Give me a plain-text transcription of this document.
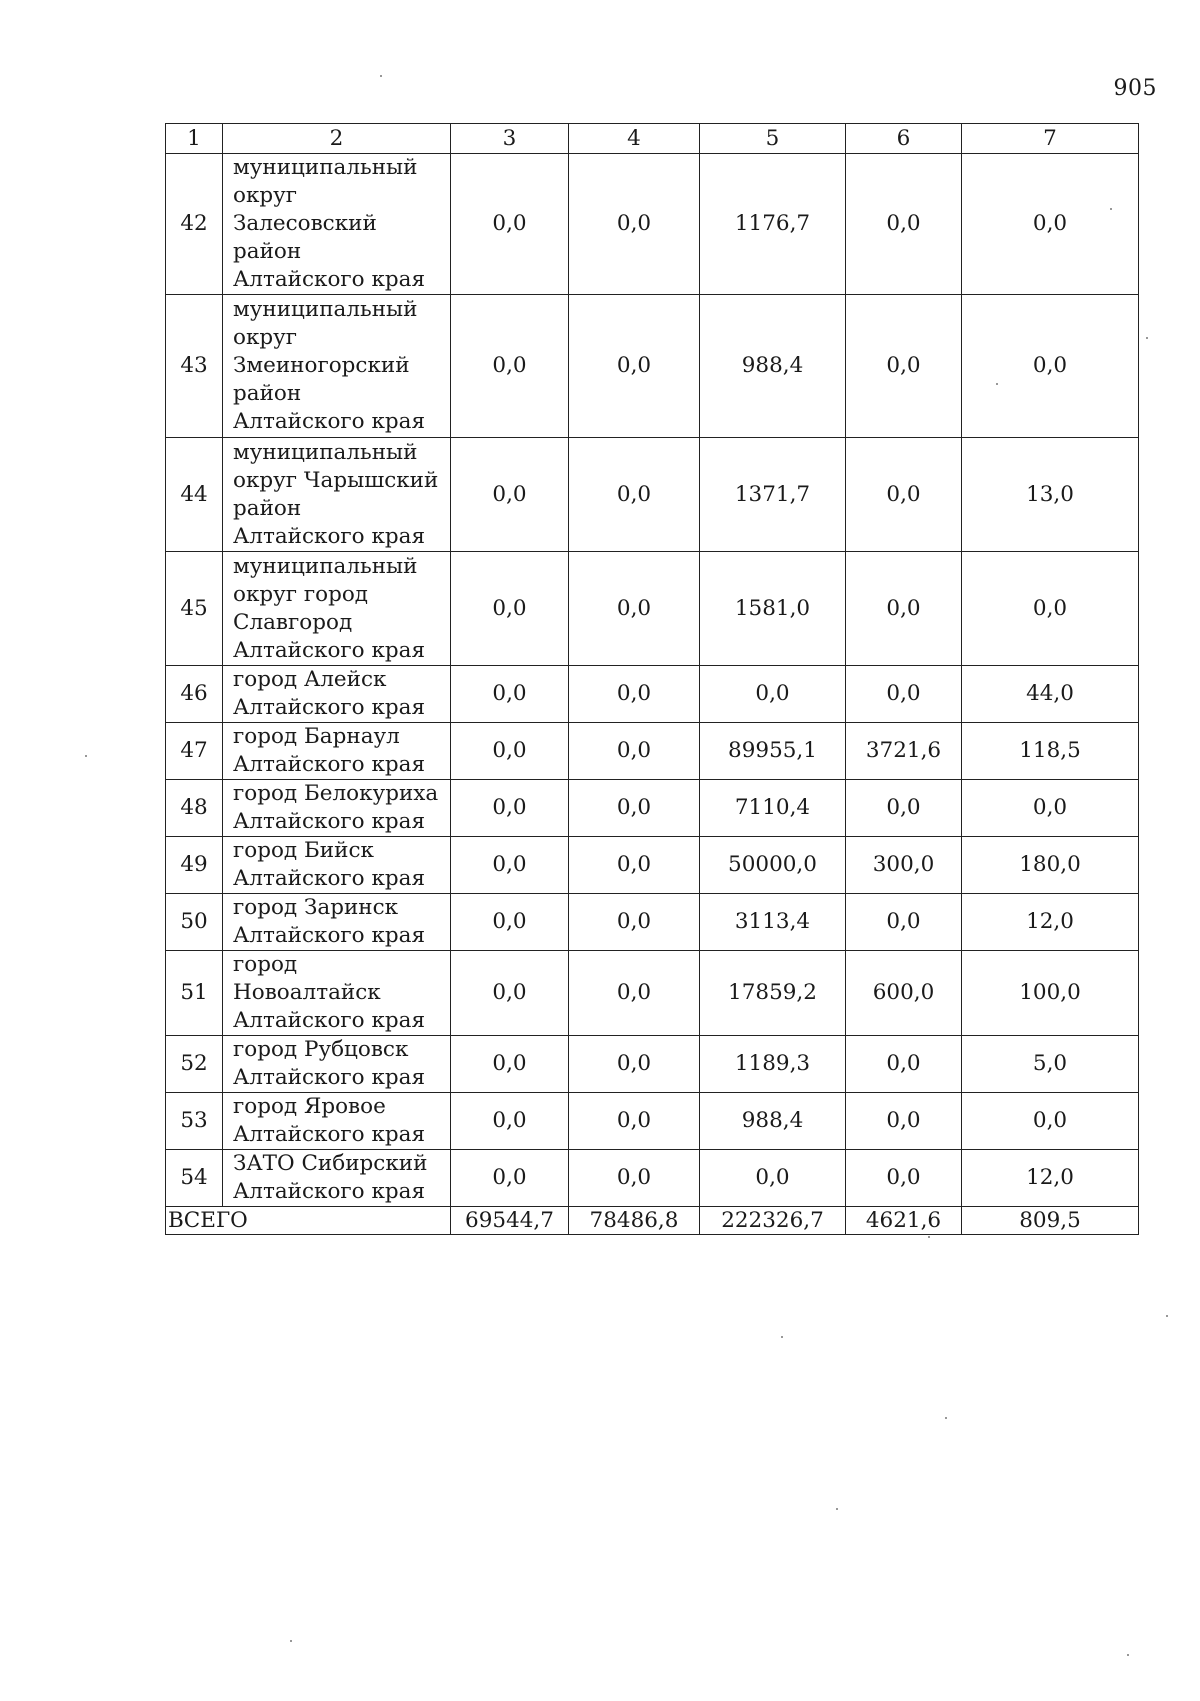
905
1	2	3	4	5	6	7
42	муниципальный
округ Залесовский
район
Алтайского края	0,0	0,0	1176,7	0,0	0,0
43	муниципальный
округ
Змеиногорский
район
Алтайского края	0,0	0,0	988,4	0,0	0,0
44	муниципальный
округ Чарышский
район
Алтайского края	0,0	0,0	1371,7	0,0	13,0
45	муниципальный
округ город
Славгород
Алтайского края	0,0	0,0	1581,0	0,0	0,0
46	город Алейск
Алтайского края	0,0	0,0	0,0	0,0	44,0
47	город Барнаул
Алтайского края	0,0	0,0	89955,1	3721,6	118,5
48	город Белокуриха
Алтайского края	0,0	0,0	7110,4	0,0	0,0
49	город Бийск
Алтайского края	0,0	0,0	50000,0	300,0	180,0
50	город Заринск
Алтайского края	0,0	0,0	3113,4	0,0	12,0
51	город Новоалтайск
Алтайского края	0,0	0,0	17859,2	600,0	100,0
52	город Рубцовск
Алтайского края	0,0	0,0	1189,3	0,0	5,0
53	город Яровое
Алтайского края	0,0	0,0	988,4	0,0	0,0
54	ЗАТО Сибирский
Алтайского края	0,0	0,0	0,0	0,0	12,0
ВСЕГО		69544,7	78486,8	222326,7	4621,6	809,5
